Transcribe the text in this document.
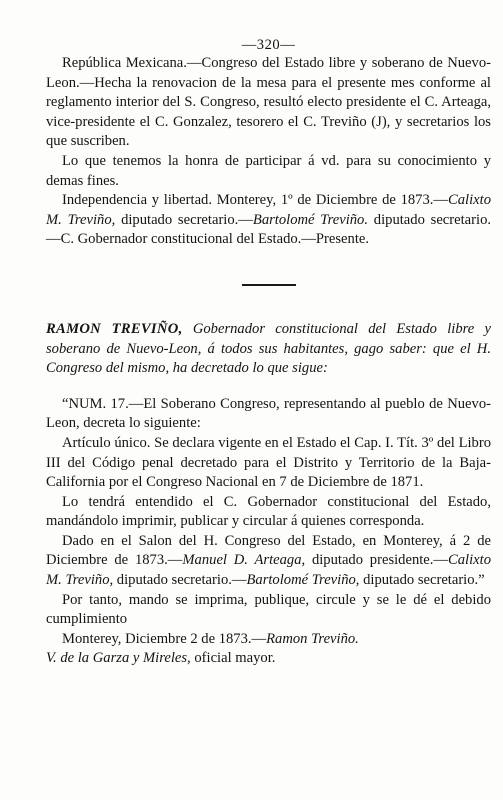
—320—

República Mexicana.—Congreso del Estado libre y soberano de Nuevo-Leon.—Hecha la renovacion de la mesa para el presente mes conforme al reglamento interior del S. Congreso, resultó electo presidente el C. Arteaga, vice-presidente el C. Gonzalez, tesorero el C. Treviño (J), y secretarios los que suscriben.

Lo que tenemos la honra de participar á vd. para su conocimiento y demas fines.

Independencia y libertad. Monterey, 1º de Diciembre de 1873.—Calixto M. Treviño, diputado secretario.—Bartolomé Treviño. diputado secretario.—C. Gobernador constitucional del Estado.—Presente.

RAMON TREVIÑO, Gobernador constitucional del Estado libre y soberano de Nuevo-Leon, á todos sus habitantes, gago saber: que el H. Congreso del mismo, ha decretado lo que sigue:

“NUM. 17.—El Soberano Congreso, representando al pueblo de Nuevo-Leon, decreta lo siguiente:

Artículo único. Se declara vigente en el Estado el Cap. I. Tít. 3º del Libro III del Código penal decretado para el Distrito y Territorio de la Baja-California por el Congreso Nacional en 7 de Diciembre de 1871.

Lo tendrá entendido el C. Gobernador constitucional del Estado, mandándolo imprimir, publicar y circular á quienes corresponda.

Dado en el Salon del H. Congreso del Estado, en Monterey, á 2 de Diciembre de 1873.—Manuel D. Arteaga, diputado presidente.—Calixto M. Treviño, diputado secretario.—Bartolomé Treviño, diputado secretario.”

Por tanto, mando se imprima, publique, circule y se le dé el debido cumplimiento

Monterey, Diciembre 2 de 1873.—Ramon Treviño.
V. de la Garza y Mireles, oficial mayor.
